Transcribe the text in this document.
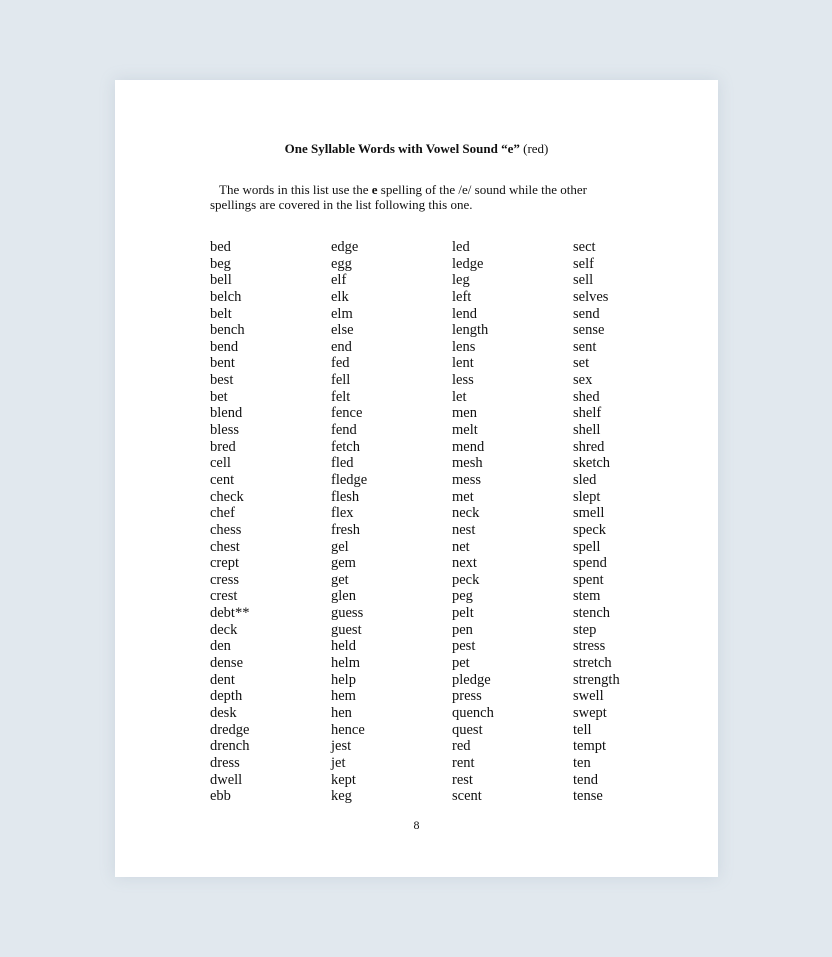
One Syllable Words with Vowel Sound “e” (red)
The words in this list use the e spelling of the /e/ sound while the other spellings are covered in the list following this one.
bed
beg
bell
belch
belt
bench
bend
bent
best
bet
blend
bless
bred
cell
cent
check
chef
chess
chest
crept
cress
crest
debt**
deck
den
dense
dent
depth
desk
dredge
drench
dress
dwell
ebb
edge
egg
elf
elk
elm
else
end
fed
fell
felt
fence
fend
fetch
fled
fledge
flesh
flex
fresh
gel
gem
get
glen
guess
guest
held
helm
help
hem
hen
hence
jest
jet
kept
keg
led
ledge
leg
left
lend
length
lens
lent
less
let
men
melt
mend
mesh
mess
met
neck
nest
net
next
peck
peg
pelt
pen
pest
pet
pledge
press
quench
quest
red
rent
rest
scent
sect
self
sell
selves
send
sense
sent
set
sex
shed
shelf
shell
shred
sketch
sled
slept
smell
speck
spell
spend
spent
stem
stench
step
stress
stretch
strength
swell
swept
tell
tempt
ten
tend
tense
8
